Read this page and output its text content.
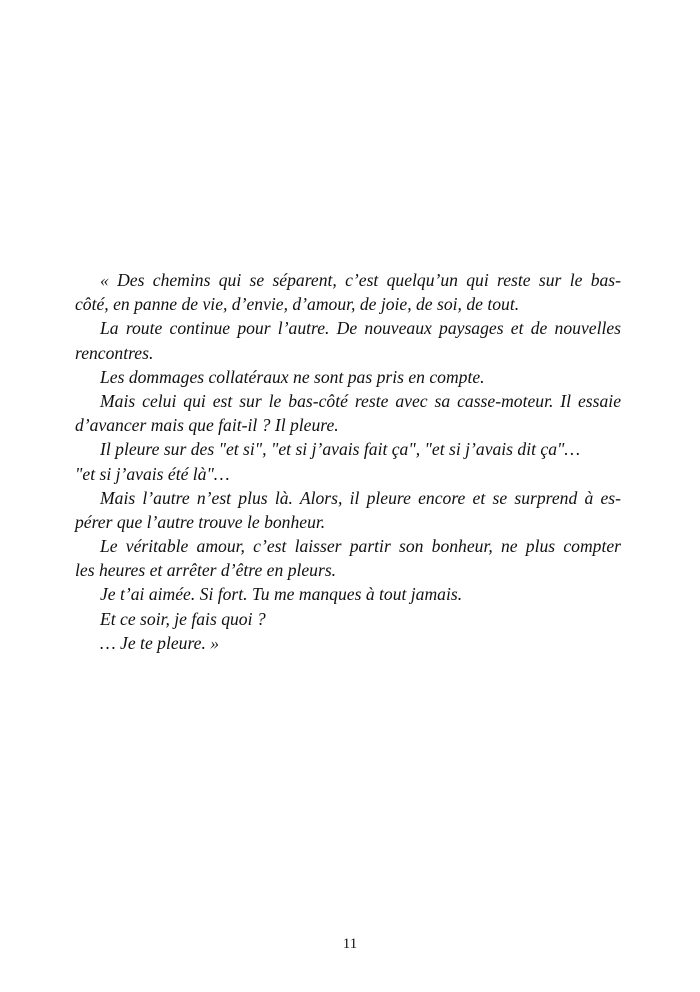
« Des chemins qui se séparent, c’est quelqu’un qui reste sur le bas-
côté, en panne de vie, d’envie, d’amour, de joie, de soi, de tout.
La route continue pour l’autre. De nouveaux paysages et de nouvelles
rencontres.
Les dommages collatéraux ne sont pas pris en compte.
Mais celui qui est sur le bas-côté reste avec sa casse-moteur. Il essaie
d’avancer mais que fait-il ? Il pleure.
Il pleure sur des "et si", "et si j’avais fait ça", "et si j’avais dit ça"…
"et si j’avais été là"…
Mais l’autre n’est plus là. Alors, il pleure encore et se surprend à es-
pérer que l’autre trouve le bonheur.
Le véritable amour, c’est laisser partir son bonheur, ne plus compter
les heures et arrêter d’être en pleurs.
Je t’ai aimée. Si fort. Tu me manques à tout jamais.
Et ce soir, je fais quoi ?
… Je te pleure. »
11
